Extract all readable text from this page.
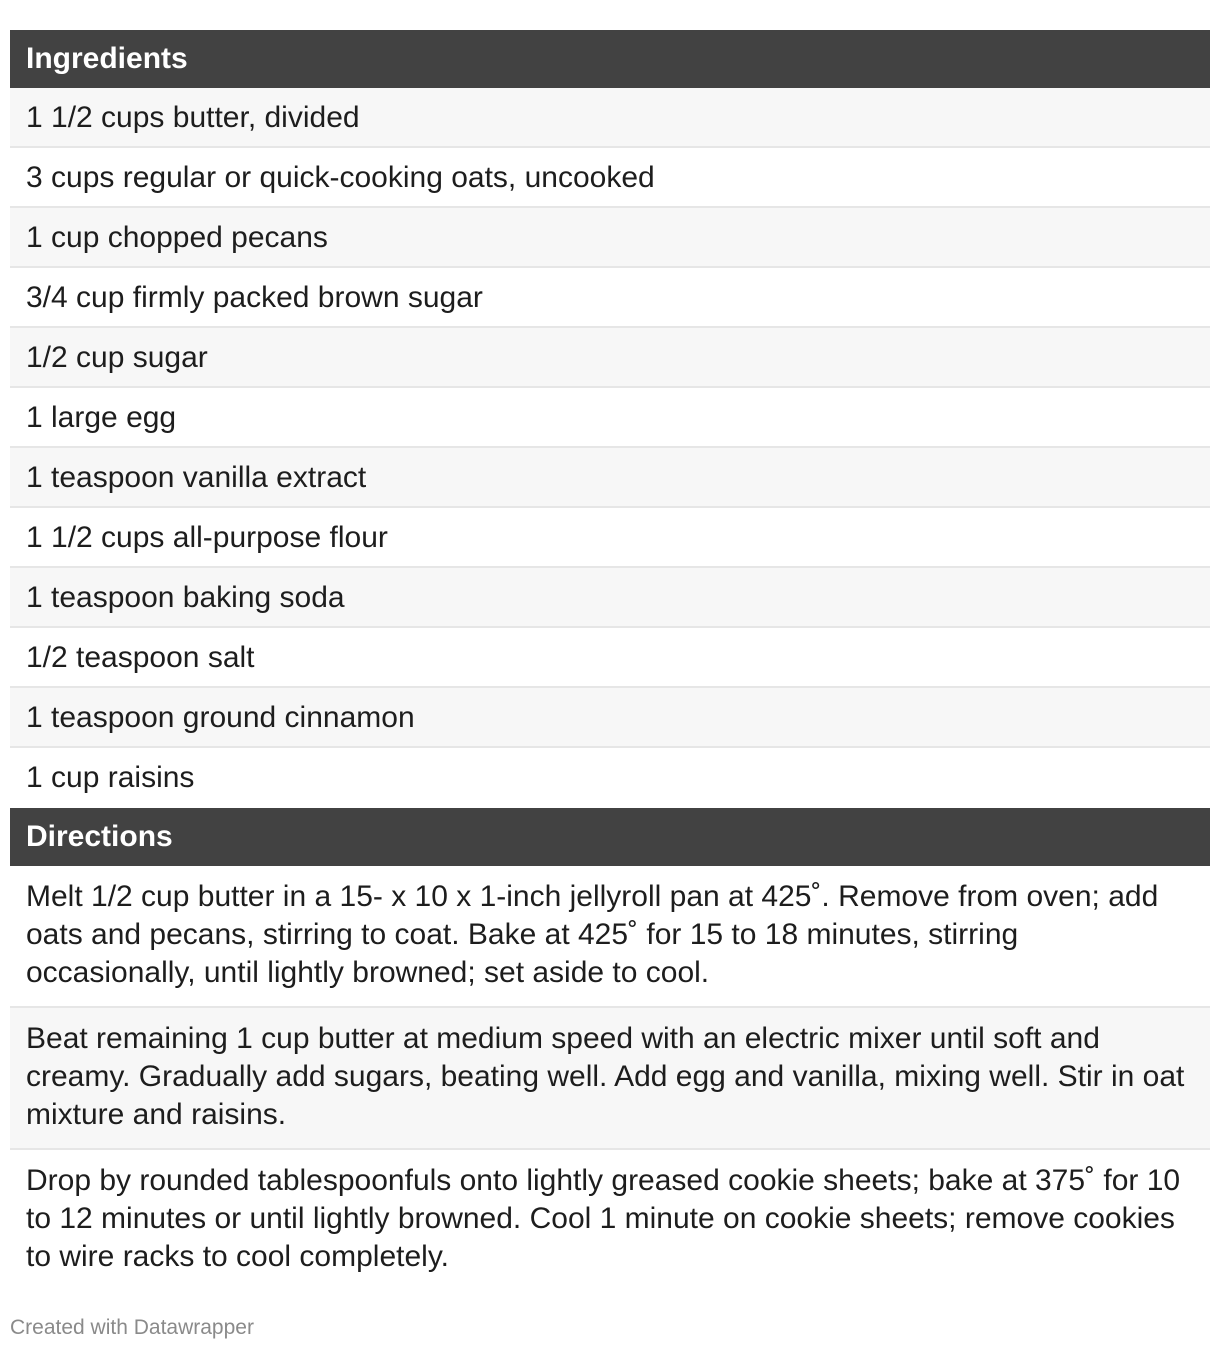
Ingredients
1 1/2 cups butter, divided
3 cups regular or quick-cooking oats, uncooked
1 cup chopped pecans
3/4 cup firmly packed brown sugar
1/2 cup sugar
1 large egg
1 teaspoon vanilla extract
1 1/2 cups all-purpose flour
1 teaspoon baking soda
1/2 teaspoon salt
1 teaspoon ground cinnamon
1 cup raisins
Directions
Melt 1/2 cup butter in a 15- x 10 x 1-inch jellyroll pan at 425˚. Remove from oven; add oats and pecans, stirring to coat. Bake at 425˚ for 15 to 18 minutes, stirring occasionally, until lightly browned; set aside to cool.
Beat remaining 1 cup butter at medium speed with an electric mixer until soft and creamy. Gradually add sugars, beating well. Add egg and vanilla, mixing well. Stir in oat mixture and raisins.
Drop by rounded tablespoonfuls onto lightly greased cookie sheets; bake at 375˚ for 10 to 12 minutes or until lightly browned. Cool 1 minute on cookie sheets; remove cookies to wire racks to cool completely.
Created with Datawrapper
